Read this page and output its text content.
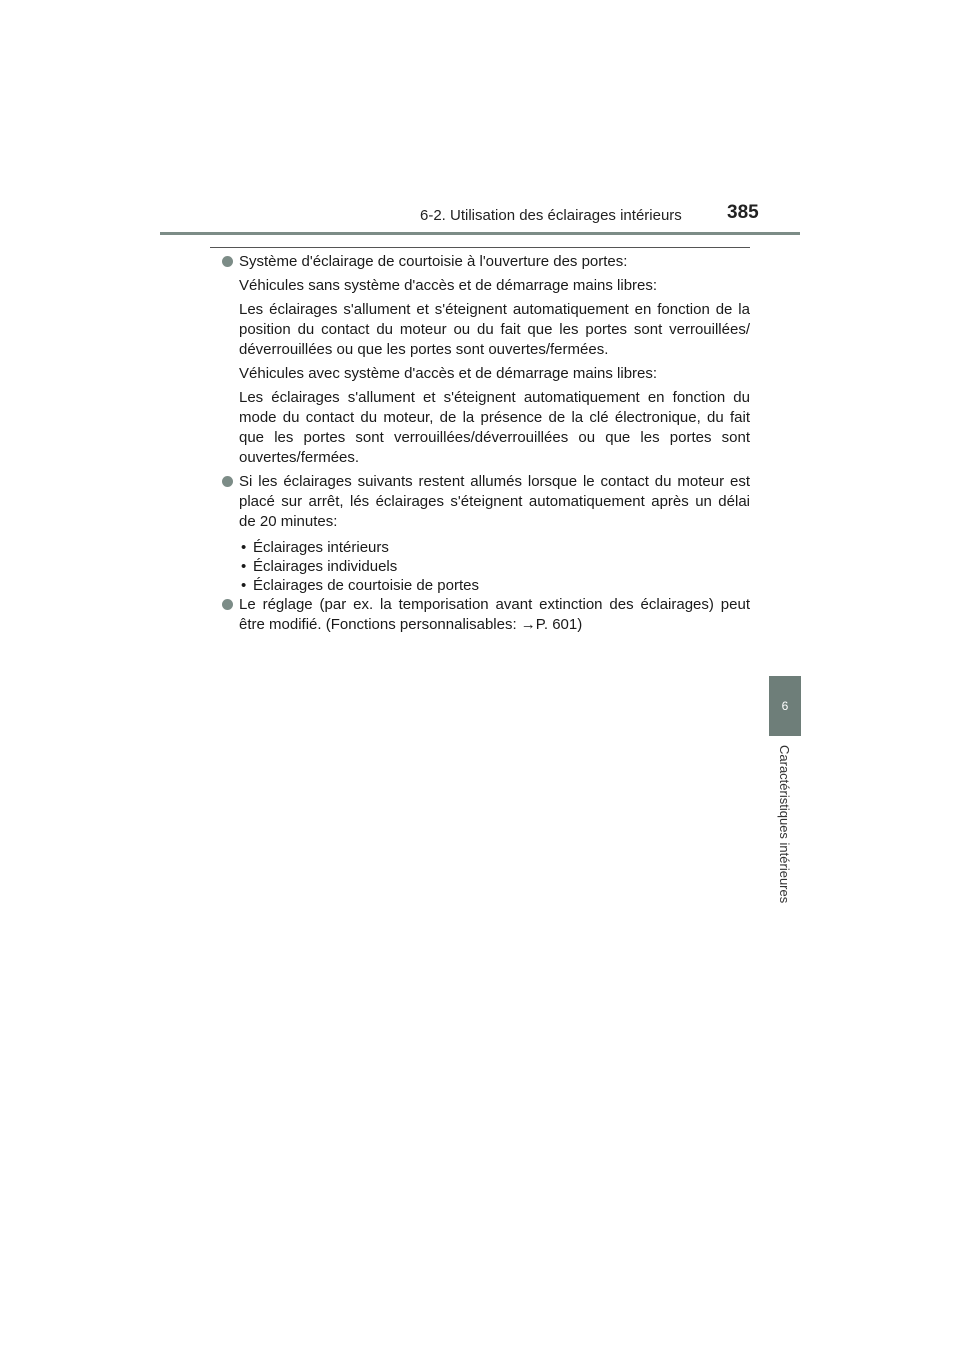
6-2. Utilisation des éclairages intérieurs 385
6
Caractéristiques intérieures

Système d'éclairage de courtoisie à l'ouverture des portes:

Véhicules sans système d'accès et de démarrage mains libres:

Les éclairages s'allument et s'éteignent automatiquement en fonction de la position du contact du moteur ou du fait que les portes sont verrouillées/ déverrouillées ou que les portes sont ouvertes/fermées.

Véhicules avec système d'accès et de démarrage mains libres:

Les éclairages s'allument et s'éteignent automatiquement en fonction du mode du contact du moteur, de la présence de la clé électronique, du fait que les portes sont verrouillées/déverrouillées ou que les portes sont ouvertes/fermées.

Si les éclairages suivants restent allumés lorsque le contact du moteur est placé sur arrêt, lés éclairages s'éteignent automatiquement après un délai de 20 minutes:

• Éclairages intérieurs
• Éclairages individuels
• Éclairages de courtoisie de portes

Le réglage (par ex. la temporisation avant extinction des éclairages) peut être modifié. (Fonctions personnalisables: →P. 601)
